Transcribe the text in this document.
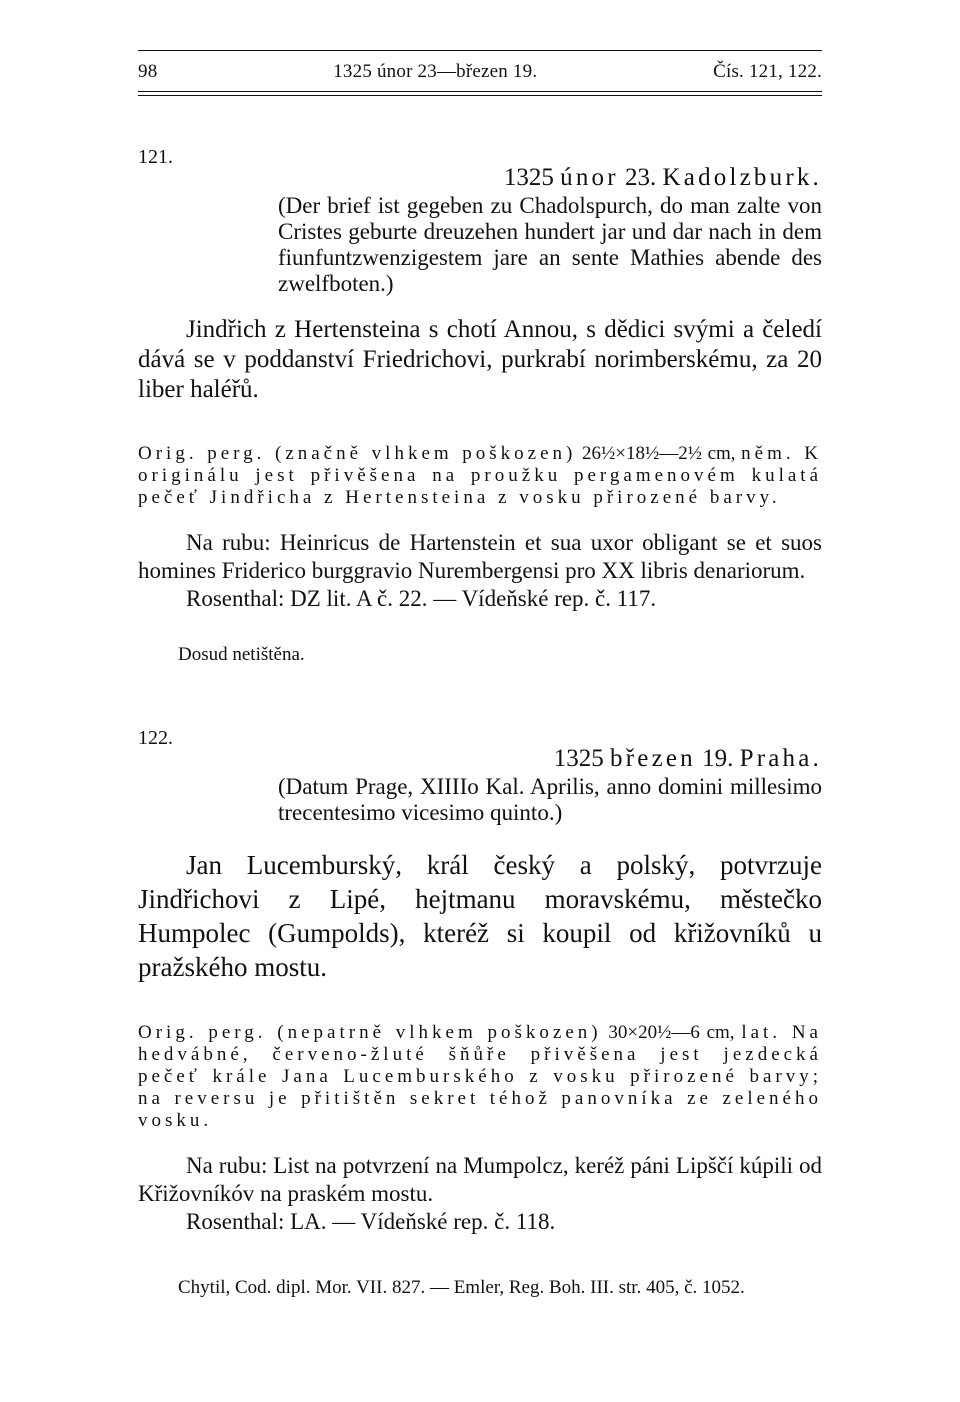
98	1325 únor 23—březen 19.	Čís. 121, 122.
121.
1325 únor 23. Kadolzburk.
(Der brief ist gegeben zu Chadolspurch, do man zalte von Cristes geburte dreuzehen hundert jar und dar nach in dem fiunfuntzwenzigestem jare an sente Mathies abende des zwelfboten.)

Jindřich z Hertensteina s chotí Annou, s dědici svými a čeledí dává se v poddanství Friedrichovi, purkrabí norimberskému, za 20 liber haléřů.

Orig. perg. (značně vlhkem poškozen) 26½×18½—2½ cm, něm. K originálu jest přivěšena na proužku pergamenovém kulatá pečeť Jindřicha z Hertensteina z vosku přirozené barvy.
Na rubu: Heinricus de Hartenstein et sua uxor obligant se et suos homines Friderico burggravio Nurembergensi pro XX libris denariorum.
Rosenthal: DZ lit. A č. 22. — Vídeňské rep. č. 117.
Dosud netištěna.
122.
1325 březen 19. Praha.
(Datum Prage, XIIIIo Kal. Aprilis, anno domini millesimo trecentesimo vicesimo quinto.)

Jan Lucemburský, král český a polský, potvrzuje Jindřichovi z Lipé, hejtmanu moravskému, městečko Humpolec (Gumpolds), kteréž si koupil od křižovníků u pražského mostu.

Orig. perg. (nepatrně vlhkem poškozen) 30×20½—6 cm, lat. Na hedvábné, červeno-žluté šňůře přivěšena jest jezdecká pečeť krále Jana Lucemburského z vosku přirozené barvy; na reversu je přitištěn sekret téhož panovníka ze zeleného vosku.
Na rubu: List na potvrzení na Mumpolcz, keréž páni Lipščí kúpili od Křižovníkóv na praském mostu.
Rosenthal: LA. — Vídeňské rep. č. 118.
Chytil, Cod. dipl. Mor. VII. 827. — Emler, Reg. Boh. III. str. 405, č. 1052.
